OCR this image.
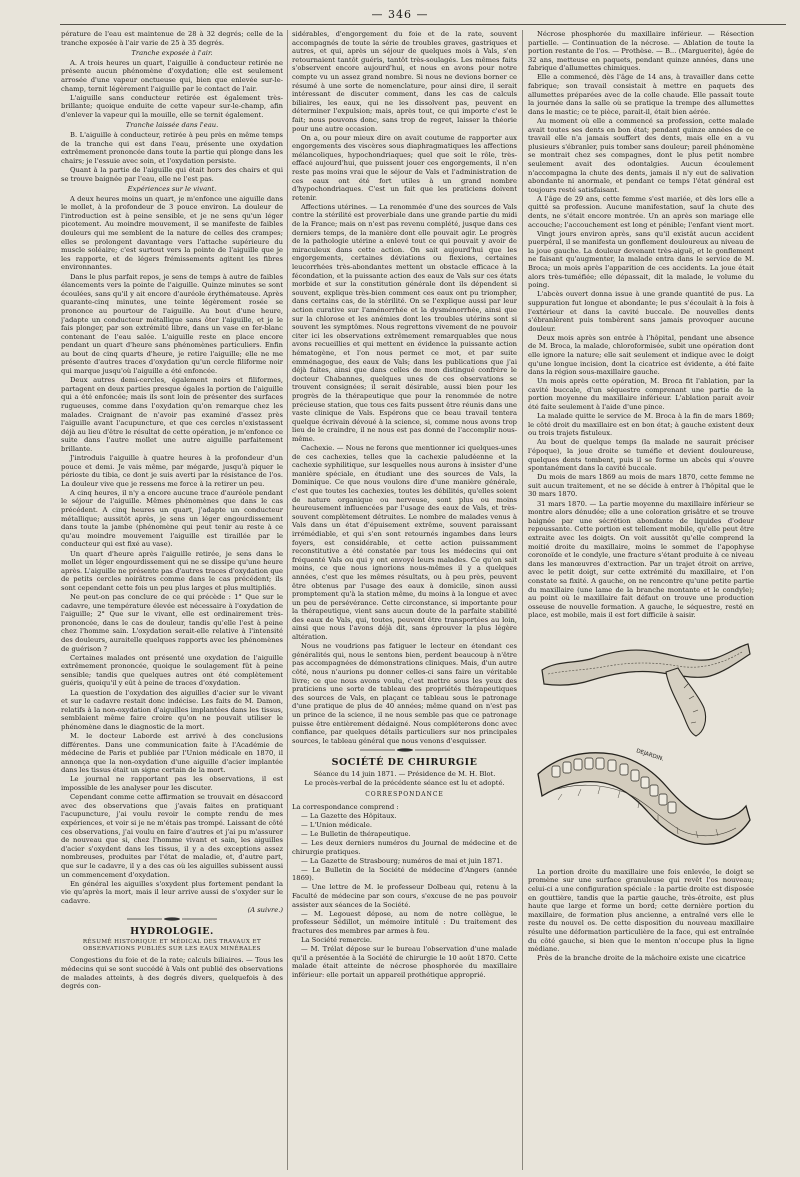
— 346 —

pérature de l'eau est maintenue de 28 à 32 degrés; celle de la tranche exposée à l'air varie de 25 à 35 degrés.

Tranche exposée à l'air.

A. A trois heures un quart, l'aiguille à conducteur retirée ne présente aucun phénomène d'oxydation; elle est seulement arrosée d'une vapeur onctueuse qui, bien que enlevée sur-le-champ, ternit légèrement l'aiguille par le contact de l'air.

L'aiguille sans conducteur retirée est également très-brillante; quoique enduite de cette vapeur sur-le-champ, afin d'enlever la vapeur qui la mouille, elle se ternit également.

Tranche laissée dans l'eau.

B. L'aiguille à conducteur, retirée à peu près en même temps de la tranche qui est dans l'eau, présente une oxydation extrêmement prononcée dans toute la partie qui plonge dans les chairs; je l'essuie avec soin, et l'oxydation persiste.

Quant à la partie de l'aiguille qui était hors des chairs et qui se trouve baignée par l'eau, elle ne l'est pas.

Expériences sur le vivant.

A deux heures moins un quart, je m'enfonce une aiguille dans le mollet, à la profondeur de 3 pouce environ. La douleur de l'introduction est à peine sensible, et je ne sens qu'un léger picotement. Au moindre mouvement, il se manifeste de faibles douleurs qui me semblent de la nature de celles des crampes; elles se prolongent davantage vers l'attache supérieure du muscle soléaire; c'est surtout vers la pointe de l'aiguille que je les rapporte, et de légers frémissements agitent les fibres environnantes.

Dans le plus parfait repos, je sens de temps à autre de faibles élancements vers la pointe de l'aiguille. Quinze minutes se sont écoulées, sans qu'il y ait encore d'auréole érythémateuse. Après quarante-cinq minutes, une teinte légèrement rosée se prononce au pourtour de l'aiguille. Au bout d'une heure, j'adapte un conducteur métallique sans ôter l'aiguille, et je le fais plonger, par son extrémité libre, dans un vase en fer-blanc contenant de l'eau salée. L'aiguille reste en place encore pendant un quart d'heure sans phénomènes particuliers. Enfin au bout de cinq quarts d'heure, je retire l'aiguille; elle ne me présente d'autres traces d'oxydation qu'un cercle filiforme noir qui marque jusqu'où l'aiguille a été enfoncée.

Deux autres demi-cercles, également noirs et filiformes, partagent en deux parties presque égales la portion de l'aiguille qui a été enfoncée; mais ils sont loin de présenter des surfaces rugueuses, comme dans l'oxydation qu'on remarque chez les malades. Craignant de n'avoir pas examiné d'assez près l'aiguille avant l'acupuncture, et que ces cercles n'existassent déjà au lieu d'être le résultat de cette opération, je m'enfonce ce suite dans l'autre mollet une autre aiguille parfaitement brillante.

J'introduis l'aiguille à quatre heures à la profondeur d'un pouce et demi. Je vais même, par mégarde, jusqu'à piquer le périoste du tibia, ce dont je suis averti par la résistance de l'os. La douleur vive que je ressens me force à la retirer un peu.

A cinq heures, il n'y a encore aucune trace d'auréole pendant le séjour de l'aiguille. Mêmes phénomènes que dans le cas précédent. A cinq heures un quart, j'adapte un conducteur métallique; aussitôt après, je sens un léger engourdissement dans toute la jambe (phénomène qui peut tenir au reste à ce qu'au moindre mouvement l'aiguille est tiraillée par le conducteur qui est fixé au vase).

Un quart d'heure après l'aiguille retirée, je sens dans le mollet un léger engourdissement qui ne se dissipe qu'une heure après. L'aiguille ne présente pas d'autres traces d'oxydation que de petits cercles noirâtres comme dans le cas précédent; ils sont cependant cette fois un peu plus larges et plus multipliés.

Ne peut-on pas conclure de ce qui précède : 1° Que sur le cadavre, une température élevée est nécessaire à l'oxydation de l'aiguille; 2° Que sur le vivant, elle est ordinairement très-prononcée, dans le cas de douleur, tandis qu'elle l'est à peine chez l'homme sain. L'oxydation serait-elle relative à l'intensité des douleurs, auraitelle quelques rapports avec les phénomènes de guérison ?

Certaines malades ont présenté une oxydation de l'aiguille extrêmement prononcée, quoique le soulagement fût à peine sensible; tandis que quelques autres ont été complètement guéris, quoiqu'il y eût à peine de traces d'oxydation.

La question de l'oxydation des aiguilles d'acier sur le vivant et sur le cadavre restait donc indécise. Les faits de M. Damon, relatifs à la non-oxydation d'aiguilles implantées dans les tissus, semblaient même faire croire qu'on ne pouvait utiliser le phénomène dans le diagnostic de la mort.

M. le docteur Laborde est arrivé à des conclusions différentes. Dans une communication faite à l'Académie de médecine de Paris et publiée par l'Union médicale en 1870, il annonça que la non-oxydation d'une aiguille d'acier implantée dans les tissus était un signe certain de la mort.

Le journal ne rapportant pas les observations, il est impossible de les analyser pour les discuter.

Cependant comme cette affirmation se trouvait en désaccord avec des observations que j'avais faites en pratiquant l'acupuncture, j'ai voulu revoir le compte rendu de mes expériences, et voir si je ne m'étais pas trompé. Laissant de côté ces observations, j'ai voulu en faire d'autres et j'ai pu m'assurer de nouveau que si, chez l'homme vivant et sain, les aiguilles d'acier s'oxydent dans les tissus, il y a des exceptions assez nombreuses, produites par l'état de maladie, et, d'autre part, que sur le cadavre, il y a des cas où les aiguilles subissent aussi un commencement d'oxydation.

En général les aiguilles s'oxydent plus fortement pendant la vie qu'après la mort, mais il leur arrive aussi de s'oxyder sur le cadavre.

(A suivre.)

HYDROLOGIE.

RÉSUMÉ HISTORIQUE ET MÉDICAL DES TRAVAUX ET OBSERVATIONS PUBLIÉS SUR LES EAUX MINÉRALES

Congestions du foie et de la rate; calculs biliaires. — Tous les médecins qui se sont succédé à Vals ont publié des observations de malades atteints, à des degrés divers, quelquefois à des degrés con-

sidérables, d'engorgement du foie et de la rate, souvent accompagnés de toute la série de troubles graves, gastriques et autres, et qui, après un séjour de quelques mois à Vals, s'en retournaient tantôt guéris, tantôt très-soulagés. Les mêmes faits s'observent encore aujourd'hui, et nous en avons pour notre compte vu un assez grand nombre. Si nous ne devions borner ce résumé à une sorte de nomenclature, pour ainsi dire, il serait intéressant de discuter comment, dans les cas de calculs biliaires, les eaux, qui ne les dissolvent pas, peuvent en déterminer l'expulsion; mais, après tout, ce qui importe c'est le fait; nous pouvons donc, sans trop de regret, laisser la théorie pour une autre occasion.

On a, ou pour mieux dire on avait coutume de rapporter aux engorgements des viscères sous diaphragmatiques les affections mélancoliques, hypochondriaques; quel que soit le rôle, très-effacé aujourd'hui, que puissent jouer ces engorgements, il n'en reste pas moins vrai que le séjour de Vals et l'administration de ces eaux ont été fort utiles à un grand nombre d'hypochondriaques. C'est un fait que les praticiens doivent retenir.

Affections utérines. — La renommée d'une des sources de Vals contre la stérilité est proverbiale dans une grande partie du midi de la France; mais on n'est pas revenu complété, jusque dans ces derniers temps, de la manière dont elle pouvait agir. Le progrès de la pathologie utérine a enlevé tout ce qui pouvait y avoir de miraculeux dans cette action. On sait aujourd'hui que les engorgements, certaines déviations ou flexions, certaines leucorrhées très-abondantes mettent un obstacle efficace à la fécondation, et la puissante action des eaux de Vals sur ces états morbide et sur la constitution générale dont ils dépendent si souvent, explique très-bien comment ces eaux ont pu triompher, dans certains cas, de la stérilité. On se l'explique aussi par leur action curative sur l'aménorrhée et la dysménorrhée, ainsi que sur la chlorose et les anémies dont les troubles utérins sont si souvent les symptômes. Nous regrettons vivement de ne pouvoir citer ici les observations extrêmement remarquables que nous avons recueillies et qui mettent en évidence la puissante action hématogène, et l'on nous permet ce mot, et par suite emménagogue, des eaux de Vals; dans les publications que j'ai déjà faites, ainsi que dans celles de mon distingué confrère le docteur Chabannes, quelques unes de ces observations se trouvent consignées; il serait désirable, aussi bien pour les progrès de la thérapeutique que pour la renommée de notre précieuse station, que tous ces faits pussent être réunis dans une vaste clinique de Vals. Espérons que ce beau travail tentera quelque écrivain dévoué à la science, si, comme nous avons trop lieu de le craindre, il ne nous est pas donné de l'accomplir nous-même.

Cachexie. — Nous ne ferons que mentionner ici quelques-unes de ces cachexies, telles que la cachexie paludéenne et la cachexie syphilitique, sur lesquelles nous aurons à insister d'une manière spéciale, en étudiant une des sources de Vals, la Dominique. Ce que nous voulons dire d'une manière générale, c'est que toutes les cachexies, toutes les débilités, qu'elles soient de nature organique ou nerveuse, sont plus ou moins heureusement influencées par l'usage des eaux de Vals, et très-souvent complètement détruites. Le nombre de malades venus à Vals dans un état d'épuisement extrême, souvent paraissant irrémédiable, et qui s'en sont retournés ingambes dans leurs foyers, est considérable, et cette action puissamment reconstitutive a été constatée par tous les médecins qui ont fréquenté Vals ou qui y ont envoyé leurs malades. Ce qu'on sait moins, ce que nous ignorions nous-mêmes il y a quelques années, c'est que les mêmes résultats, ou à peu près, peuvent être obtenus par l'usage des eaux à domicile, sinon aussi promptement qu'à la station même, du moins à la longue et avec un peu de persévérance. Cette circonstance, si importante pour la thérapeutique, vient sans aucun doute de la parfaite stabilité des eaux de Vals, qui, toutes, peuvent être transportées au loin, ainsi que nous l'avons déjà dit, sans éprouver la plus légère altération.

Nous ne voudrions pas fatiguer le lecteur en étendant ces généralités qui, nous le sentons bien, perdent beaucoup à n'être pas accompagnées de démonstrations cliniques. Mais, d'un autre côté, nous n'aurions pu donner celles-ci sans faire un véritable livre; ce que nous avons voulu, c'est mettre sous les yeux des praticiens une sorte de tableau des propriétés thérapeutiques des sources de Vals, en plaçant ce tableau sous le patronage d'une pratique de plus de 40 années; même quand on n'est pas un prince de la science, il ne nous semble pas que ce patronage puisse être entièrement dédaigné. Nous compléterons donc avec confiance, par quelques détails particuliers sur nos principales sources, le tableau général que nous venons d'esquisser.

SOCIÉTÉ DE CHIRURGIE

Séance du 14 juin 1871. — Présidence de M. H. Blot.

Le procès-verbal de la précédente séance est lu et adopté.

CORRESPONDANCE

La correspondance comprend :

— La Gazette des Hôpitaux.

— L'Union médicale.

— Le Bulletin de thérapeutique.

— Les deux derniers numéros du Journal de médecine et de chirurgie pratiques.

— La Gazette de Strasbourg; numéros de mai et juin 1871.

— Le Bulletin de la Société de médecine d'Angers (année 1869).

— Une lettre de M. le professeur Dolbeau qui, retenu à la Faculté de médecine par son cours, s'excuse de ne pas pouvoir assister aux séances de la Société.

— M. Legouest dépose, au nom de notre collègue, le professeur Sédillot, un mémoire intitulé : Du traitement des fractures des membres par armes à feu.

La Société remercie.

— M. Trélat dépose sur le bureau l'observation d'une malade qu'il a présentée à la Société de chirurgie le 10 août 1870. Cette malade était atteinte de nécrose phosphorée du maxillaire inférieur: elle portait un appareil prothétique approprié.

Nécrose phosphorée du maxillaire inférieur. — Résection partielle. — Continuation de la nécrose. — Ablation de toute la portion restante de l'os. — Prothèse. — B... (Marguerite), âgée de 32 ans, metteuse en paquets, pendant quinze années, dans une fabrique d'allumettes chimiques.

Elle a commencé, dès l'âge de 14 ans, à travailler dans cette fabrique; son travail consistait à mettre en paquets des allumettes préparées avec de la colle chaude. Elle passait toute la journée dans la salle où se pratique la trempe des allumettes dans le mastic; ce te pièce, parait-il, était bien aérée.

Au moment où elle a commencé sa profession, cette malade avait toutes ses dents en bon état; pendant quinze années de ce travail elle n'a jamais souffert des dents, mais elle en a vu plusieurs s'ébranler, puis tomber sans douleur; pareil phénomène se montrait chez ses compagnes, dont le plus petit nombre seulement avait des odontalgies. Aucun écoulement n'accompagna la chute des dents, jamais il n'y eut de salivation abondante ni anormale, et pendant ce temps l'état général est toujours resté satisfaisant.

A l'âge de 29 ans, cette femme s'est mariée, et dès lors elle a quitté sa profession. Aucune manifestation, sauf la chute des dents, ne s'était encore montrée. Un an après son mariage elle accouche; l'accouchement est long et pénible; l'enfant vient mort.

Vingt jours environ après, sans qu'il existât aucun accident puerpéral, il se manifesta un gonflement douloureux au niveau de la joue gauche. La douleur devenant très-aiguë, et le gonflement ne faisant qu'augmenter, la malade entra dans le service de M. Broca; un mois après l'apparition de ces accidents. La joue était alors très-tuméfiée; elle dépassait, dit la malade, le volume du poing.

L'abcès ouvert donna issue à une grande quantité de pus. La suppuration fut longue et abondante; le pus s'écoulait à la fois à l'extérieur et dans la cavité buccale. De nouvelles dents s'ébranlèrent puis tombèrent sans jamais provoquer aucune douleur.

Deux mois après son entrée à l'hôpital, pendant une absence de M. Broca, la malade, chloroformisée, subit une opération dont elle ignore la nature; elle sait seulement et indique avec le doigt qu'une longue incision, dont la cicatrice est évidente, a été faite dans la région sous-maxillaire gauche.

Un mois après cette opération, M. Broca fit l'ablation, par la cavité buccale, d'un séquestre comprenant une partie de la portion moyenne du maxillaire inférieur. L'ablation parait avoir été faite seulement à l'aide d'une pince.

La malade quitte le service de M. Broca à la fin de mars 1869; le côté droit du maxillaire est en bon état; à gauche existent deux ou trois trajets fistuleux.

Au bout de quelque temps (la malade ne saurait préciser l'époque), la joue droite se tuméfie et devient douloureuse, quelques dents tombent, puis il se forme un abcès qui s'ouvre spontanément dans la cavité buccale.

Du mois de mars 1869 au mois de mars 1870, cette femme ne suit aucun traitement, et ne se décide à entrer à l'hôpital que le 30 mars 1870.

31 mars 1870. — La partie moyenne du maxillaire inférieur se montre alors dénudée; elle a une coloration grisâtre et se trouve baignée par une sécrétion abondante de liquides d'odeur repoussante. Cette portion est tellement mobile, qu'elle peut être extraite avec les doigts. On voit aussitôt qu'elle comprend la moitié droite du maxillaire, moins le sommet de l'apophyse coronoïde et le condyle, une fracture s'étant produite à ce niveau dans les manœuvres d'extraction. Par un trajet étroit on arrive, avec le petit doigt, sur cette extrémité du maxillaire, et l'on constate sa fixité. A gauche, on ne rencontre qu'une petite partie du maxillaire (une lame de la branche montante et le condyle); au point où le maxillaire fait défaut on trouve une production osseuse de nouvelle formation. A gauche, le séquestre, resté en place, est mobile, mais il est fort difficile à saisir.

DEJARDIN.

La portion droite du maxillaire une fois enlevée, le doigt se promène sur une surface granuleuse qui revêt l'os nouveau; celui-ci a une configuration spéciale : la partie droite est disposée en gouttière, tandis que la partie gauche, très-étroite, est plus haute que large et forme un bord; cette dernière portion du maxillaire, de formation plus ancienne, a entraîné vers elle le reste du nouvel os. De cette disposition du nouveau maxillaire résulte une déformation particulière de la face, qui est entraînée du côté gauche, si bien que le menton n'occupe plus la ligne médiane.

Près de la branche droite de la mâchoire existe une cicatrice
